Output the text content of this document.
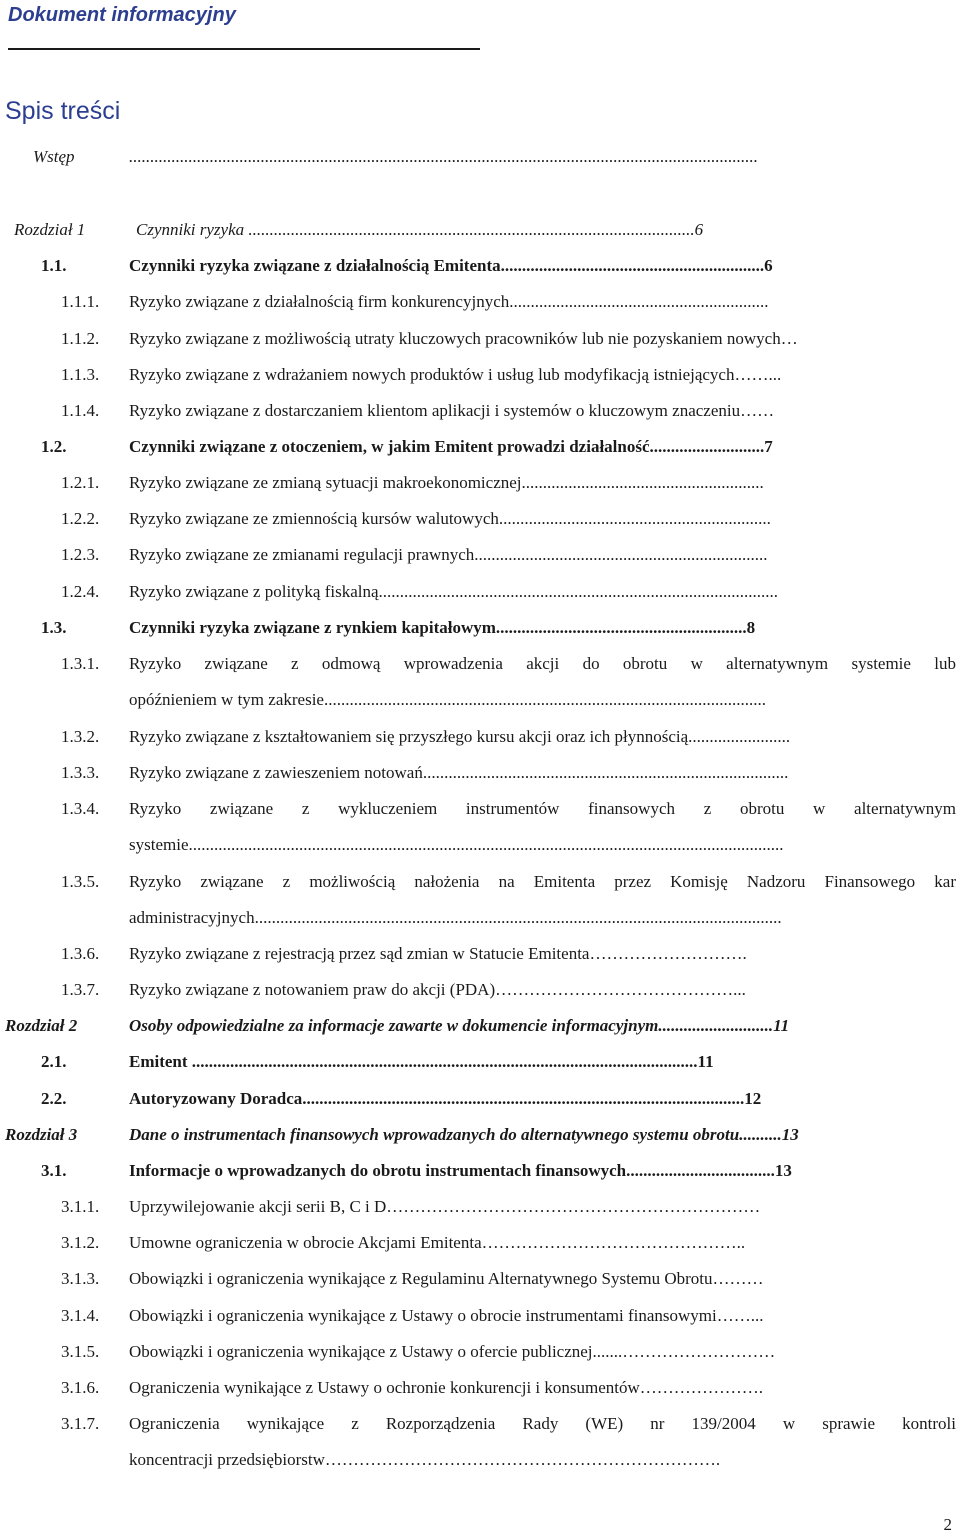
Dokument informacyjny
Spis treści
Wstęp	....................................................................................................................................................
Rozdział 1	Czynniki ryzyka .........................................................................................................6
1.1.	Czynniki ryzyka związane z działalnością Emitenta..............................................................6
1.1.1. Ryzyko związane z działalnością firm konkurencyjnych.............................................................
1.1.2. Ryzyko związane z możliwością utraty kluczowych pracowników lub nie pozyskaniem nowych…
1.1.3. Ryzyko związane z wdrażaniem nowych produktów i usług lub modyfikacją istniejących……...
1.1.4. Ryzyko związane z dostarczaniem klientom aplikacji i systemów o kluczowym znaczeniu……
1.2.	Czynniki związane z otoczeniem, w jakim Emitent prowadzi działalność...........................7
1.2.1. Ryzyko związane ze zmianą sytuacji makroekonomicznej.........................................................
1.2.2. Ryzyko związane ze zmiennością kursów walutowych................................................................
1.2.3. Ryzyko związane ze zmianami regulacji prawnych.....................................................................
1.2.4. Ryzyko związane z polityką fiskalną..............................................................................................
1.3.	Czynniki ryzyka związane z rynkiem kapitałowym...........................................................8
1.3.1. Ryzyko związane z odmową wprowadzenia akcji do obrotu w alternatywnym systemie lub
opóźnieniem w tym zakresie........................................................................................................
1.3.2. Ryzyko związane z kształtowaniem się przyszłego kursu akcji oraz ich płynnością........................
1.3.3. Ryzyko związane z zawieszeniem notowań......................................................................................
1.3.4. Ryzyko związane z wykluczeniem instrumentów finansowych z obrotu w alternatywnym
systemie............................................................................................................................................
1.3.5. Ryzyko związane z możliwością nałożenia na Emitenta przez Komisję Nadzoru Finansowego kar
administracyjnych............................................................................................................................
1.3.6. Ryzyko związane z rejestracją przez sąd zmian w Statucie Emitenta……………………….
1.3.7. Ryzyko związane z notowaniem praw do akcji (PDA)……………………………………...
Rozdział 2	Osoby odpowiedzialne za informacje zawarte w dokumencie informacyjnym...........................11
2.1.	Emitent .......................................................................................................................11
2.2.	Autoryzowany Doradca........................................................................................................12
Rozdział 3	Dane o instrumentach finansowych wprowadzanych do alternatywnego systemu obrotu..........13
3.1.	Informacje o wprowadzanych do obrotu instrumentach finansowych...................................13
3.1.1. Uprzywilejowanie akcji serii B, C i D…………………………………………………………
3.1.2. Umowne ograniczenia w obrocie Akcjami Emitenta………………………………………..
3.1.3. Obowiązki i ograniczenia wynikające z Regulaminu Alternatywnego Systemu Obrotu………
3.1.4. Obowiązki i ograniczenia wynikające z Ustawy o obrocie instrumentami finansowymi……...
3.1.5. Obowiązki i ograniczenia wynikające z Ustawy o ofercie publicznej.......………………………
3.1.6. Ograniczenia wynikające z Ustawy o ochronie konkurencji i konsumentów………………….
3.1.7. Ograniczenia wynikające z Rozporządzenia Rady (WE) nr 139/2004 w sprawie kontroli
koncentracji przedsiębiorstw…………………………………………………………….
2
